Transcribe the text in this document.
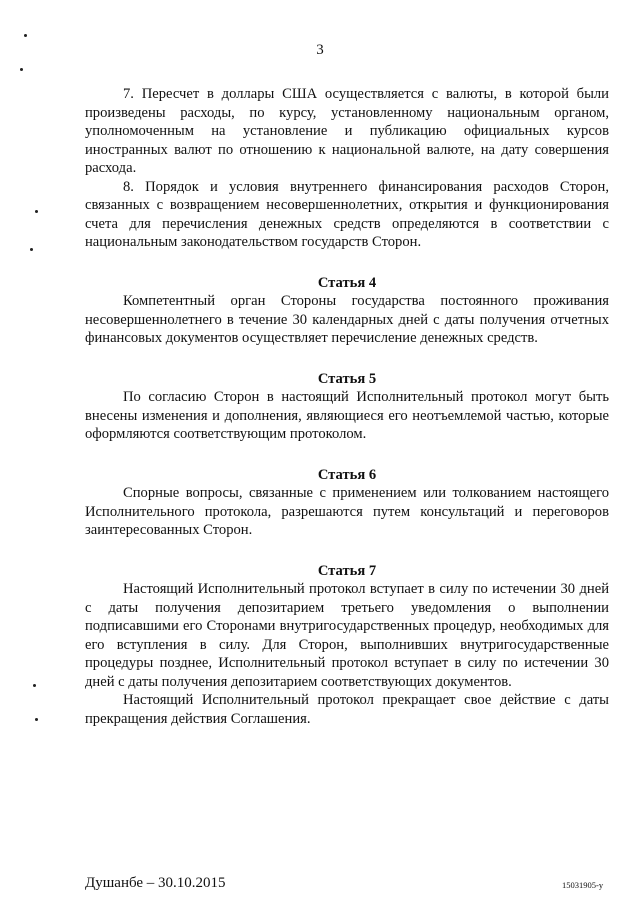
3

7. Пересчет в доллары США осуществляется с валюты, в которой были произведены расходы, по курсу, установленному национальным органом, уполномоченным на установление и публикацию официальных курсов иностранных валют по отношению к национальной валюте, на дату совершения расхода.

8. Порядок и условия внутреннего финансирования расходов Сторон, связанных с возвращением несовершеннолетних, открытия и функционирования счета для перечисления денежных средств определяются в соответствии с национальным законодательством государств Сторон.

Статья 4

Компетентный орган Стороны государства постоянного проживания несовершеннолетнего в течение 30 календарных дней с даты получения отчетных финансовых документов осуществляет перечисление денежных средств.

Статья 5

По согласию Сторон в настоящий Исполнительный протокол могут быть внесены изменения и дополнения, являющиеся его неотъемлемой частью, которые оформляются соответствующим протоколом.

Статья 6

Спорные вопросы, связанные с применением или толкованием настоящего Исполнительного протокола, разрешаются путем консультаций и переговоров заинтересованных Сторон.

Статья 7

Настоящий Исполнительный протокол вступает в силу по истечении 30 дней с даты получения депозитарием третьего уведомления о выполнении подписавшими его Сторонами внутригосударственных процедур, необходимых для его вступления в силу. Для Сторон, выполнивших внутригосударственные процедуры позднее, Исполнительный протокол вступает в силу по истечении 30 дней с даты получения депозитарием соответствующих документов.

Настоящий Исполнительный протокол прекращает свое действие с даты прекращения действия Соглашения.

Душанбе – 30.10.2015	15031905-у
